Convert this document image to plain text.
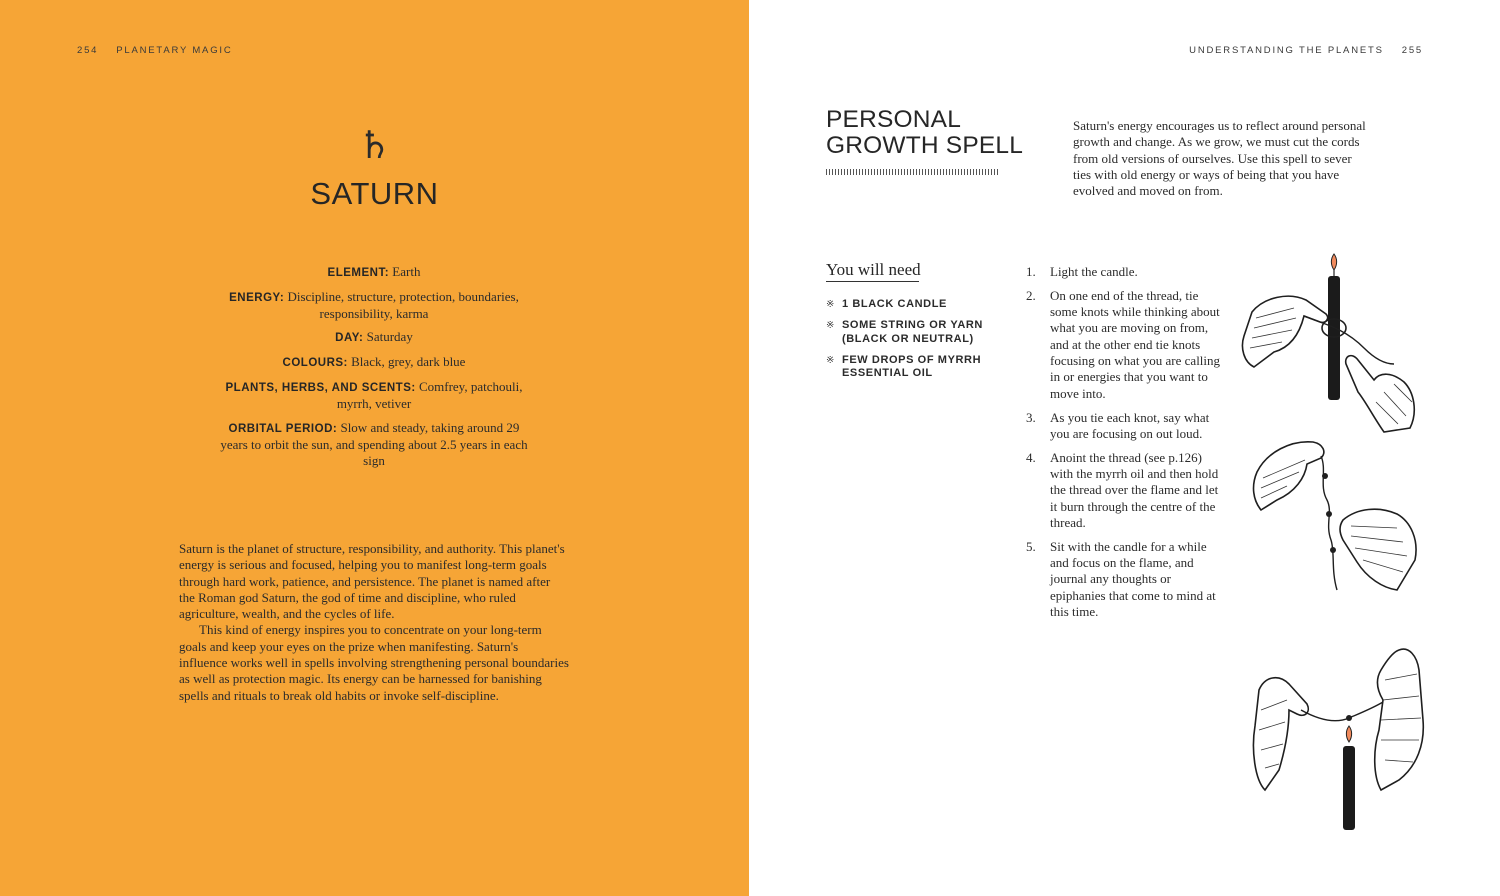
254 PLANETARY MAGIC
♄
SATURN

ELEMENT: Earth

ENERGY: Discipline, structure, protection, boundaries, responsibility, karma

DAY: Saturday

COLOURS: Black, grey, dark blue

PLANTS, HERBS, AND SCENTS: Comfrey, patchouli, myrrh, vetiver

ORBITAL PERIOD: Slow and steady, taking around 29 years to orbit the sun, and spending about 2.5 years in each sign

Saturn is the planet of structure, responsibility, and authority. This planet's energy is serious and focused, helping you to manifest long-term goals through hard work, patience, and persistence. The planet is named after the Roman god Saturn, the god of time and discipline, who ruled agriculture, wealth, and the cycles of life.

This kind of energy inspires you to concentrate on your long-term goals and keep your eyes on the prize when manifesting. Saturn's influence works well in spells involving strengthening personal boundaries as well as protection magic. Its energy can be harnessed for banishing spells and rituals to break old habits or invoke self-discipline.

UNDERSTANDING THE PLANETS 255
PERSONAL
GROWTH SPELL
Saturn's energy encourages us to reflect around personal growth and change. As we grow, we must cut the cords from old versions of ourselves. Use this spell to sever ties with old energy or ways of being that you have evolved and moved on from.
You will need
※ 1 BLACK CANDLE
※ SOME STRING OR YARN (BLACK OR NEUTRAL)
※ FEW DROPS OF MYRRH ESSENTIAL OIL
1.	Light the candle.
2.	On one end of the thread, tie some knots while thinking about what you are moving on from, and at the other end tie knots focusing on what you are calling in or energies that you want to move into.
3.	As you tie each knot, say what you are focusing on out loud.
4.	Anoint the thread (see p.126) with the myrrh oil and then hold the thread over the flame and let it burn through the centre of the thread.
5.	Sit with the candle for a while and focus on the flame, and journal any thoughts or epiphanies that come to mind at this time.
